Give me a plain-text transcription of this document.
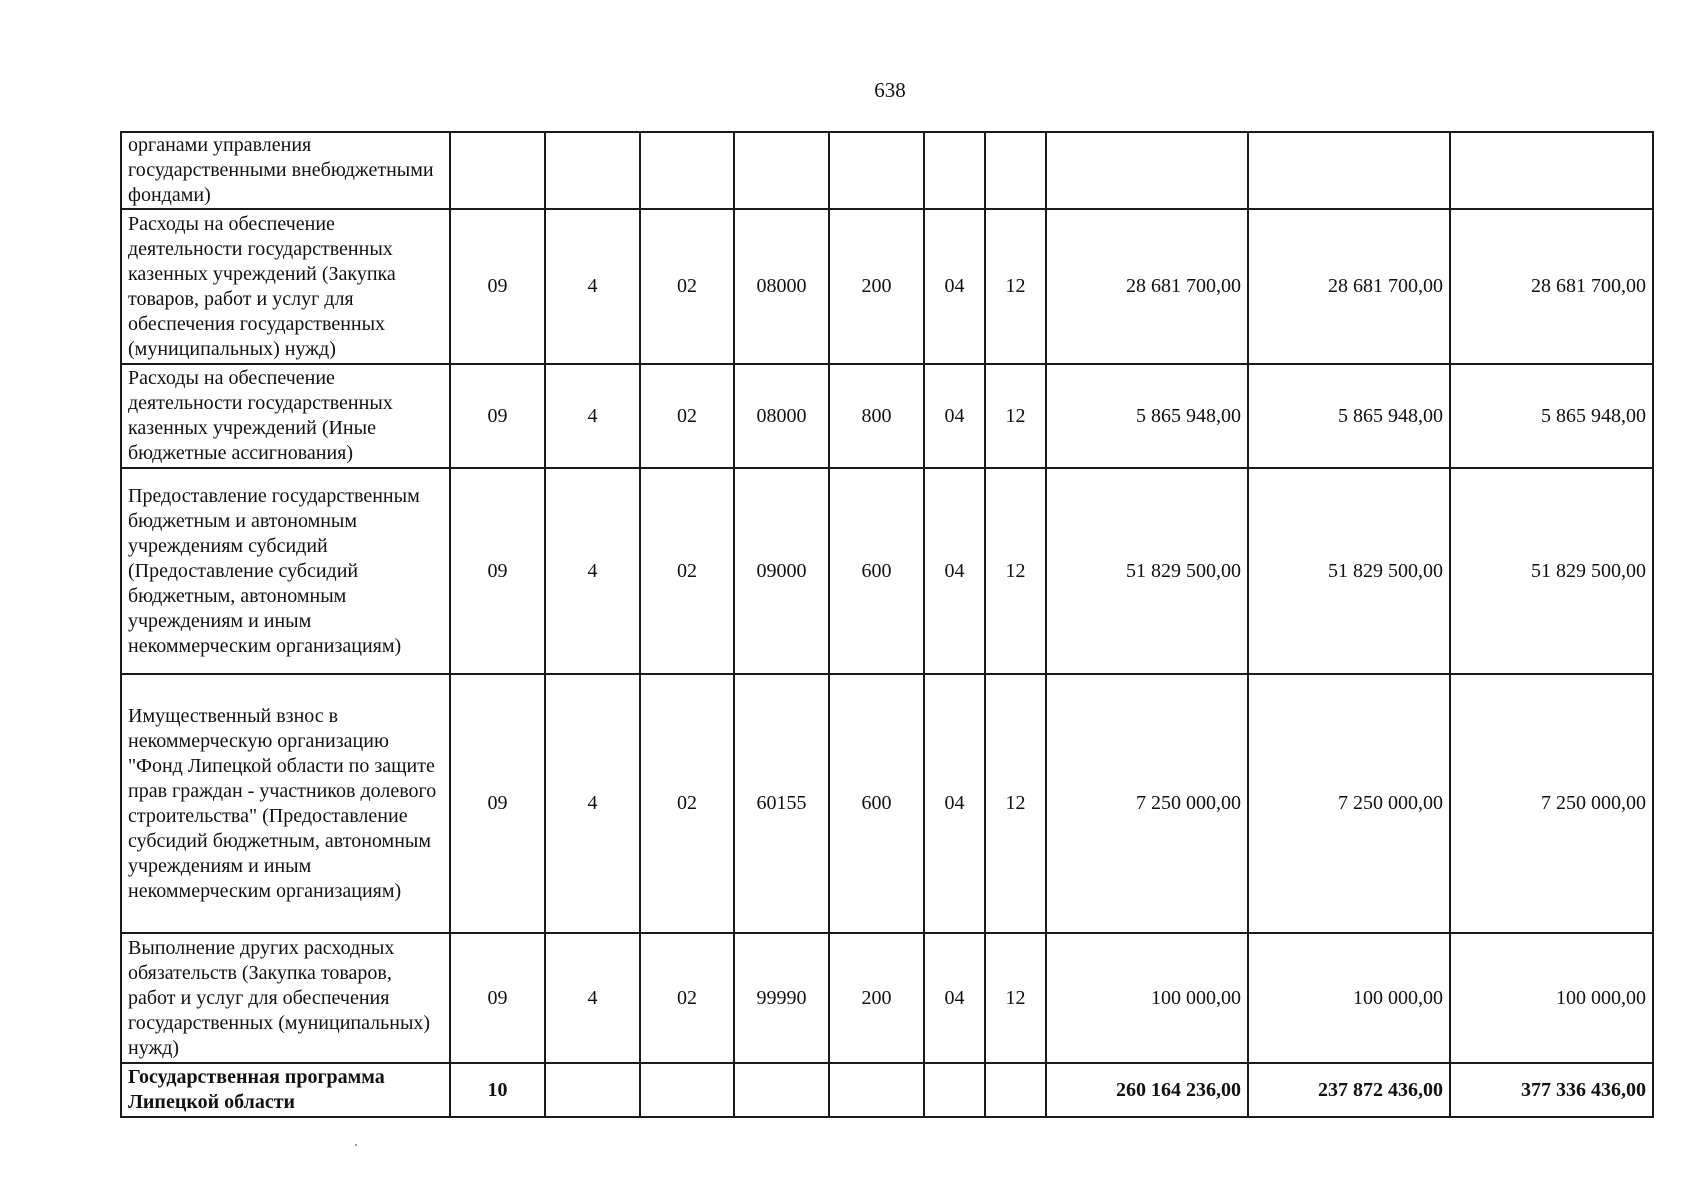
638
органами управления государственными внебюджетными фондами)										
Расходы на обеспечение деятельности государственных казенных учреждений (Закупка товаров, работ и услуг для обеспечения государственных (муниципальных) нужд)	09	4	02	08000	200	04	12	28 681 700,00	28 681 700,00	28 681 700,00
Расходы на обеспечение деятельности государственных казенных учреждений (Иные бюджетные ассигнования)	09	4	02	08000	800	04	12	5 865 948,00	5 865 948,00	5 865 948,00
Предоставление государственным бюджетным и автономным учреждениям субсидий (Предоставление субсидий бюджетным, автономным учреждениям и иным некоммерческим организациям)	09	4	02	09000	600	04	12	51 829 500,00	51 829 500,00	51 829 500,00
Имущественный взнос в некоммерческую организацию "Фонд Липецкой области по защите прав граждан - участников долевого строительства" (Предоставление субсидий бюджетным, автономным учреждениям и иным некоммерческим организациям)	09	4	02	60155	600	04	12	7 250 000,00	7 250 000,00	7 250 000,00
Выполнение других расходных обязательств (Закупка товаров, работ и услуг для обеспечения государственных (муниципальных) нужд)	09	4	02	99990	200	04	12	100 000,00	100 000,00	100 000,00
Государственная программа Липецкой области	10							260 164 236,00	237 872 436,00	377 336 436,00
